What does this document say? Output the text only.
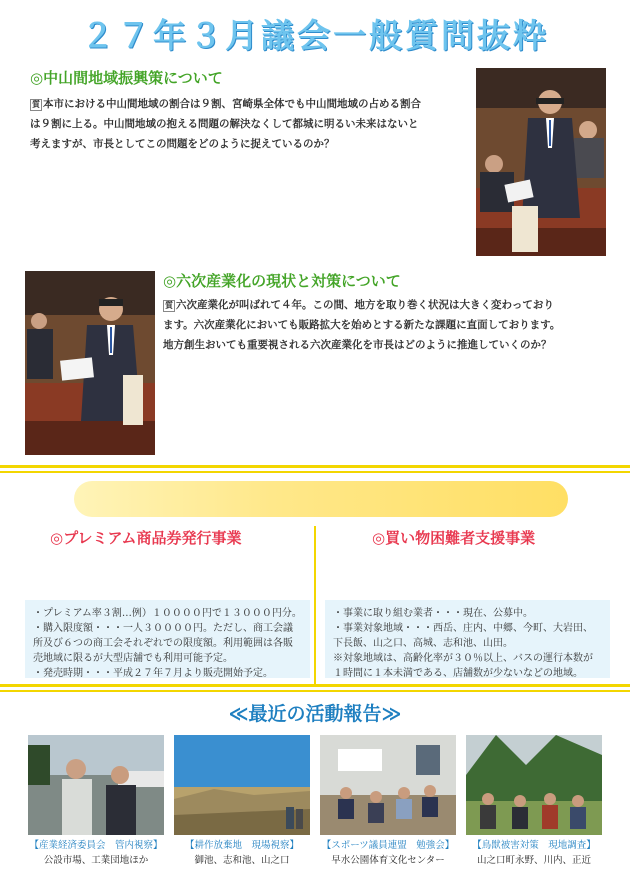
２７年３月議会一般質問抜粋
◎中山間地域振興策について
質 本市における中山間地域の割合は９割、宮崎県全体でも中山間地域の占める割合
は９割に上る。中山間地域の抱える問題の解決なくして都城に明るい未来はないと
考えますが、市長としてこの問題をどのように捉えているのか？
◎六次産業化の現状と対策について
質 六次産業化が叫ばれて４年。この間、地方を取り巻く状況は大きく変わっており
ます。六次産業化においても販路拡大を始めとする新たな課題に直面しております。
地方創生おいても重要視される六次産業化を市長はどのように推進していくのか？
◎プレミアム商品券発行事業	◎買い物困難者支援事業
・プレミアム率３割…例）１００００円で１３０００円分。
・購入限度額・・・一人３００００円。ただし、商工会議
所及び６つの商工会それぞれでの限度額。利用範囲は各販
売地域に限るが大型店舗でも利用可能予定。
・発売時期・・・平成２７年７月より販売開始予定。
・事業に取り組む業者・・・現在、公募中。
・事業対象地域・・・西岳、庄内、中郷、今町、大岩田、
下長飯、山之口、高城、志和池、山田。
※対象地域は、高齢化率が３０％以上、バスの運行本数が
１時間に１本未満である、店舗数が少ないなどの地域。
≪最近の活動報告≫
【産業経済委員会　管内視察】
公設市場、工業団地ほか
【耕作放棄地　現場視察】
御池、志和池、山之口
【スポーツ議員連盟　勉強会】
早水公園体育文化センター
【鳥獣被害対策　現地調査】
山之口町永野、川内、正近
